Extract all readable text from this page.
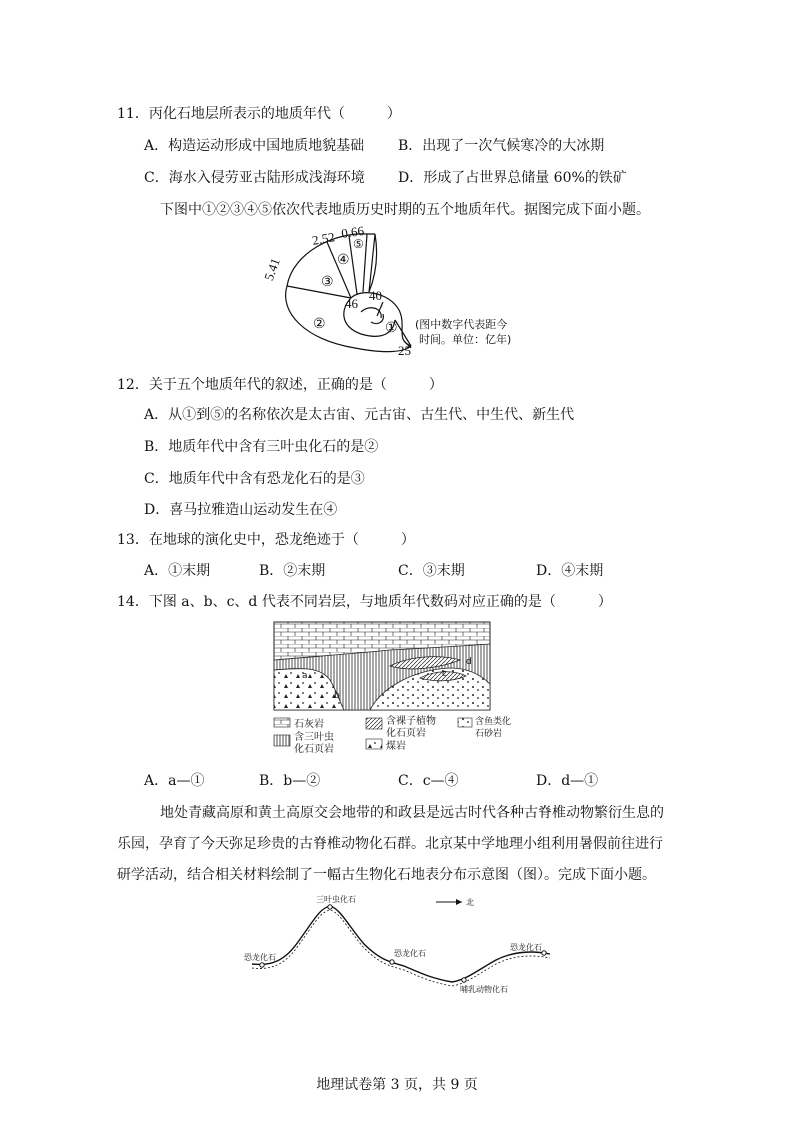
11．丙化石地层所表示的地质年代（　　　）
A．构造运动形成中国地质地貌基础 B．出现了一次气候寒冷的大冰期
C．海水入侵劳亚古陆形成浅海环境 D．形成了占世界总储量 60%的铁矿
下图中①②③④⑤依次代表地质历史时期的五个地质年代。据图完成下面小题。
5.41
2.52 0.66
46
40
25
①
②
③
④
⑤
(图中数字代表距今
时间。单位：亿年)
12．关于五个地质年代的叙述，正确的是（　　　）
A．从①到⑤的名称依次是太古宙、元古宙、古生代、中生代、新生代
B．地质年代中含有三叶虫化石的是②
C．地质年代中含有恐龙化石的是③
D．喜马拉雅造山运动发生在④
13．在地球的演化史中，恐龙绝迹于（　　　）
A．①末期	B．②末期	C．③末期	D．④末期
14．下图 a、b、c、d 代表不同岩层，与地质年代数码对应正确的是（　　　）
a
b
c
d
石灰岩
含三叶虫
化石页岩
含裸子植物
化石页岩
煤岩
含鱼类化
石砂岩
A．a—①	B．b—②	C．c—④	D．d—①
地处青藏高原和黄土高原交会地带的和政县是远古时代各种古脊椎动物繁衍生息的
乐园，孕育了今天弥足珍贵的古脊椎动物化石群。北京某中学地理小组利用暑假前往进行
研学活动，结合相关材料绘制了一幅古生物化石地表分布示意图（图）。完成下面小题。
三叶虫化石
恐龙化石	恐龙化石
哺乳动物化石
恐龙化石
北
地理试卷第 3 页，共 9 页
